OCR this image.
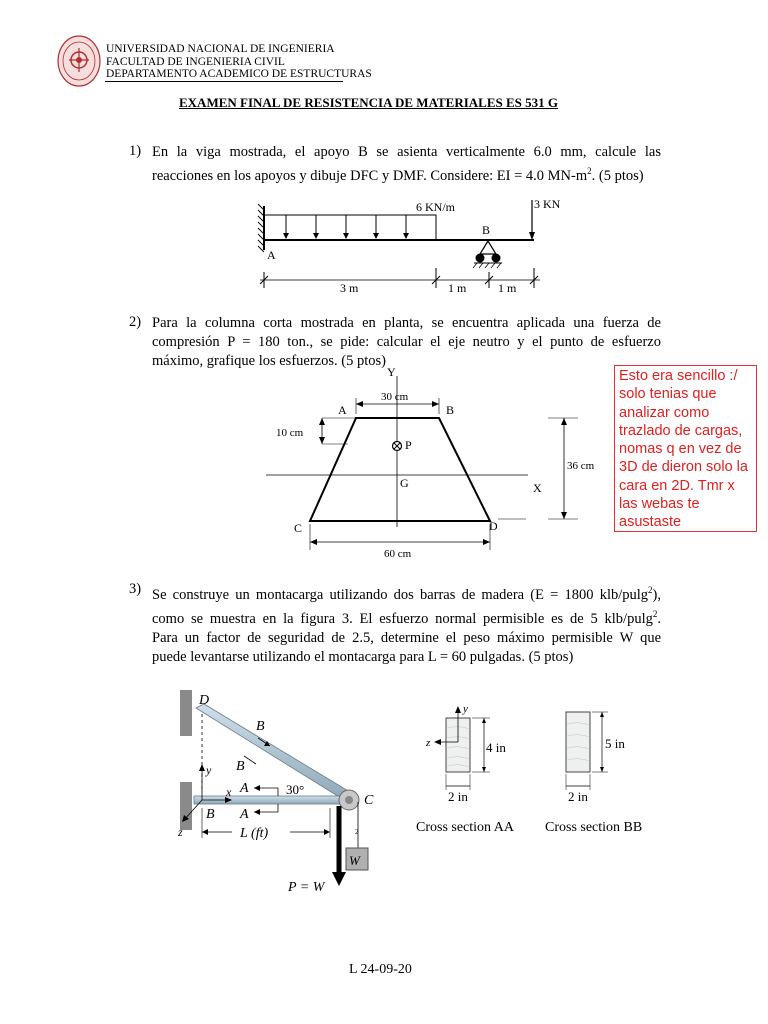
UNIVERSIDAD NACIONAL DE INGENIERIA
FACULTAD DE INGENIERIA CIVIL
DEPARTAMENTO ACADEMICO DE ESTRUCTURAS
EXAMEN FINAL DE RESISTENCIA DE MATERIALES ES 531 G
1) En la viga mostrada, el apoyo B se asienta verticalmente 6.0 mm, calcule las
reacciones en los apoyos y dibuje DFC y DMF. Considere: EI = 4.0 $MN-m^2$. (5 ptos)
6 KN/m	3 KN
B
A
3 m	1 m	1 m
2) Para la columna corta mostrada en planta, se encuentra aplicada una fuerza de
compresión P = 180 ton., se pide: calcular el eje neutro y el punto de esfuerzo
máximo, grafique los esfuerzos. (5 ptos)
Y
X
30 cm
A	B
10 cm
P
G
C	D
36 cm
60 cm
Esto era sencillo :/
solo tenias que
analizar como
trazlado de cargas,
nomas q en vez de
3D de dieron solo la
cara en 2D. Tmr x
las webas te
asustaste
3) Se construye un montacarga utilizando dos barras de madera (E = 1800 klb/pulg$^2$),
como se muestra en la figura 3. El esfuerzo normal permisible es de 5 klb/pulg$^2$.
Para un factor de seguridad de 2.5, determine el peso máximo permisible W que
puede levantarse utilizando el montacarga para L = 60 pulgadas. (5 ptos)
W
2
P = W
D
B
B
30°
A
A
C
B
y
x
z	L (ft)
y
z	4 in
2 in
Cross section AA
5 in
2 in
Cross section BB
L 24-09-20
